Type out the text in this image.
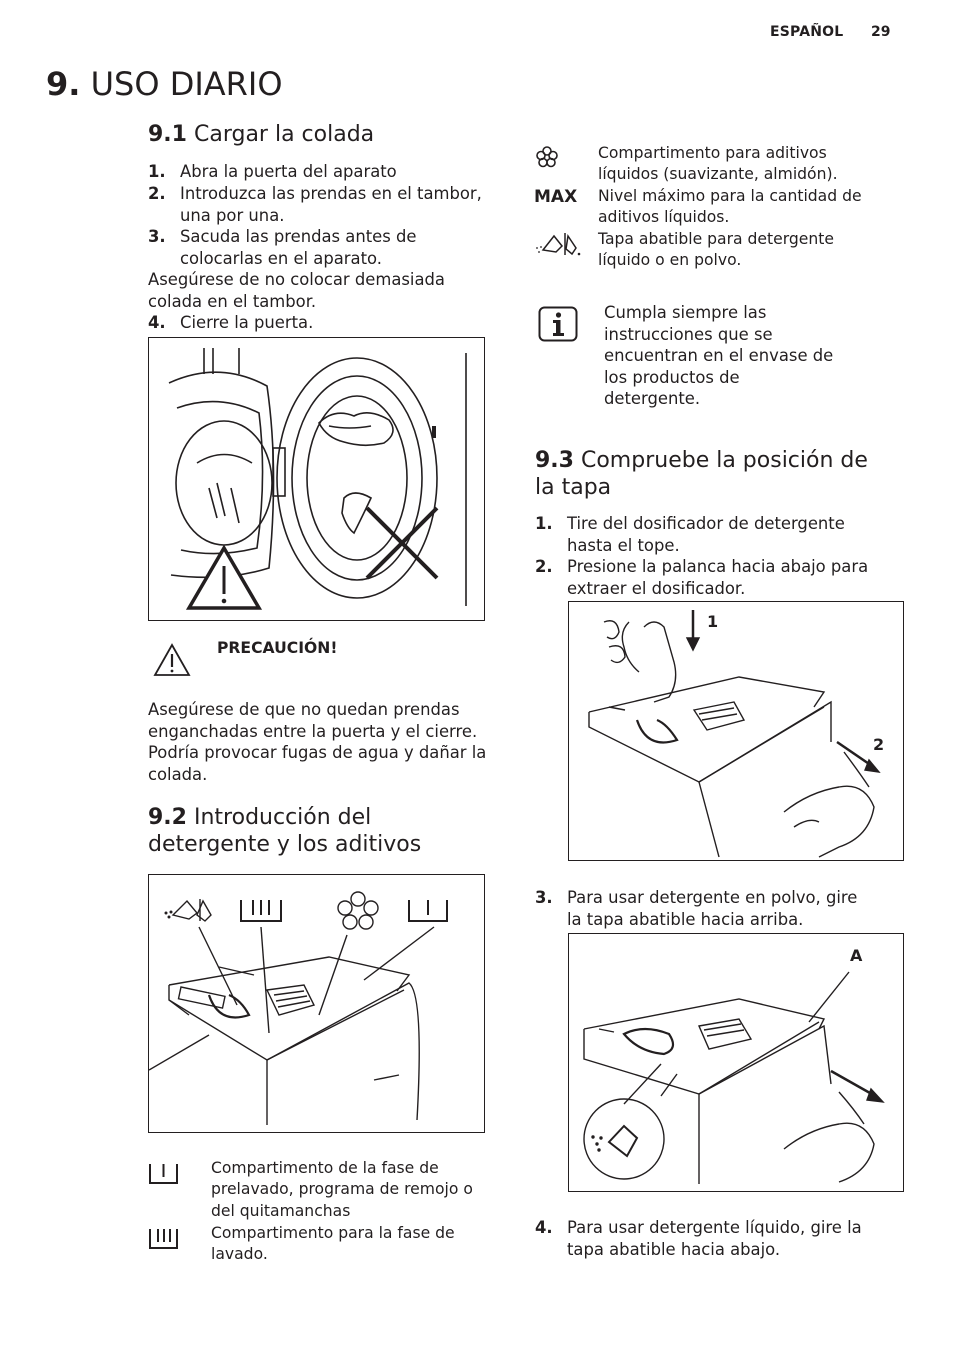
ESPAÑOL 29
9. USO DIARIO
9.1 Cargar la colada
1. Abra la puerta del aparato
2. Introduzca las prendas en el tambor,
una por una.
3. Sacuda las prendas antes de
colocarlas en el aparato.
Asegúrese de no colocar demasiada
colada en el tambor.
4. Cierre la puerta.
PRECAUCIÓN!
Asegúrese de que no quedan prendas
enganchadas entre la puerta y el cierre.
Podría provocar fugas de agua y dañar la
colada.
9.2 Introducción del
detergente y los aditivos
Compartimento de la fase de
prelavado, programa de remojo o
del quitamanchas
Compartimento para la fase de
lavado.
Compartimento para aditivos
líquidos (suavizante, almidón).
MAX Nivel máximo para la cantidad de
aditivos líquidos.
Tapa abatible para detergente
líquido o en polvo.
Cumpla siempre las
instrucciones que se
encuentran en el envase de
los productos de
detergente.
9.3 Compruebe la posición de
la tapa
1. Tire del dosificador de detergente
hasta el tope.
2. Presione la palanca hacia abajo para
extraer el dosificador.
1
2
3. Para usar detergente en polvo, gire
la tapa abatible hacia arriba.
A
4. Para usar detergente líquido, gire la
tapa abatible hacia abajo.
